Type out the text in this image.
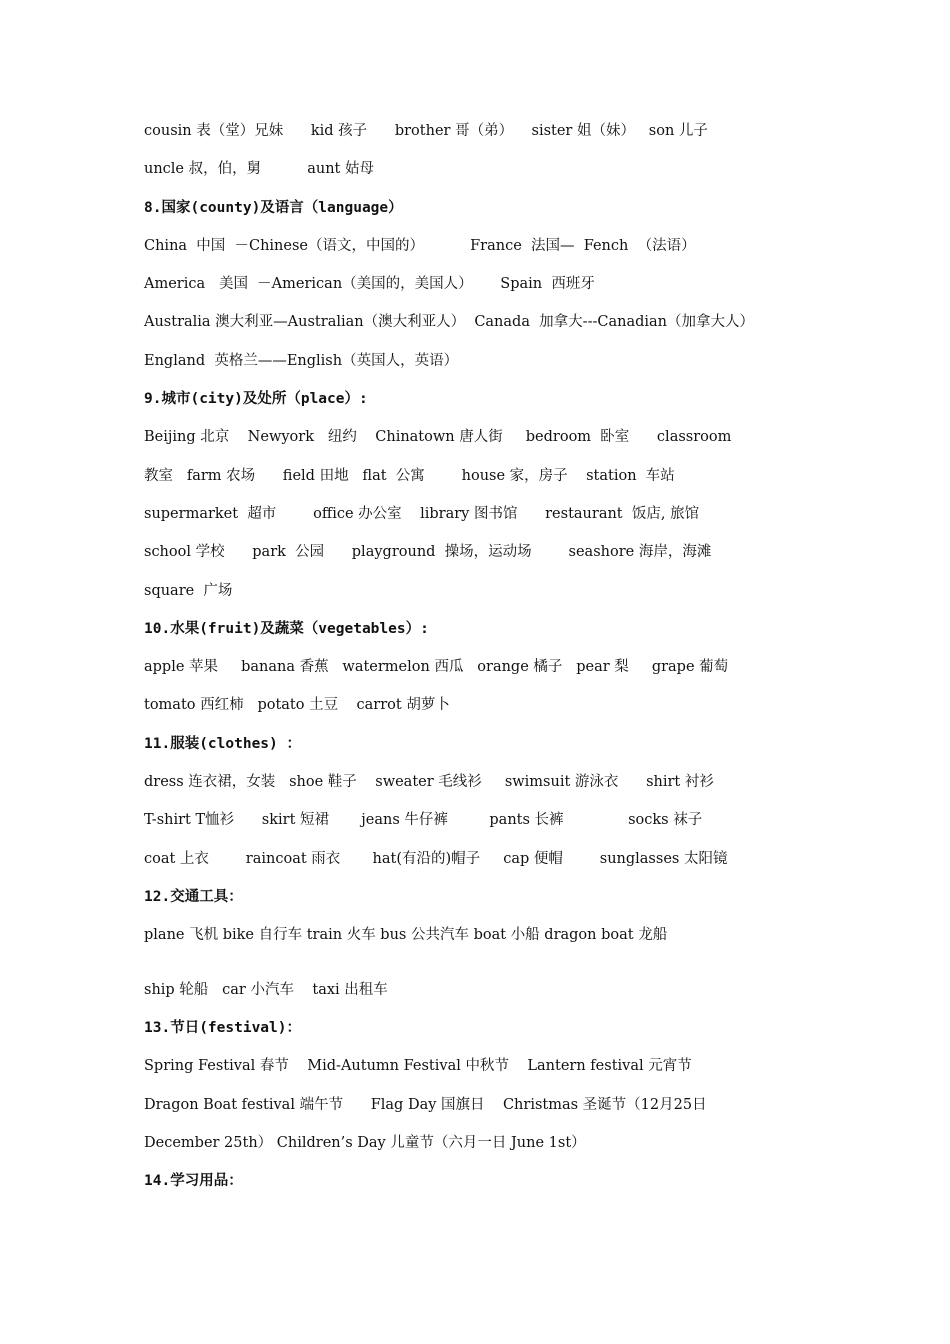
cousin 表（堂）兄妹      kid 孩子      brother 哥（弟）    sister 姐（妹）   son 儿子
uncle 叔，伯，舅          aunt 姑母
8.国家(county)及语言（language）
China  中国  －Chinese（语文，中国的）          France  法国—  Fench  （法语）
America   美国  －American（美国的，美国人）      Spain  西班牙
Australia 澳大利亚—Australian（澳大利亚人）  Canada  加拿大---Canadian（加拿大人）
England  英格兰——English（英国人，英语）
9.城市(city)及处所（place）:
Beijing 北京    Newyork   纽约    Chinatown 唐人街     bedroom  卧室      classroom
教室   farm 农场      field 田地   flat  公寓        house 家，房子    station  车站
supermarket  超市        office 办公室    library 图书馆      restaurant  饭店, 旅馆
school 学校      park  公园      playground  操场，运动场        seashore 海岸，海滩
square  广场
10.水果(fruit)及蔬菜（vegetables）:
apple 苹果     banana 香蕉   watermelon 西瓜   orange 橘子   pear 梨     grape 葡萄
tomato 西红柿   potato 土豆    carrot 胡萝卜
11.服装(clothes) ：
dress 连衣裙，女装   shoe 鞋子    sweater 毛线衫     swimsuit 游泳衣      shirt 衬衫
T-shirt T恤衫      skirt 短裙       jeans 牛仔裤         pants 长裤              socks 袜子
coat 上衣        raincoat 雨衣       hat(有沿的)帽子     cap 便帽        sunglasses 太阳镜
12.交通工具：
plane 飞机 bike 自行车 train 火车 bus 公共汽车 boat 小船 dragon boat 龙船
ship 轮船   car 小汽车    taxi 出租车
13.节日(festival)：
Spring Festival 春节    Mid-Autumn Festival 中秋节    Lantern festival 元宵节
Dragon Boat festival 端午节      Flag Day 国旗日    Christmas 圣诞节（12月25日
December 25th） Children’s Day 儿童节（六月一日 June 1st）
14.学习用品：
